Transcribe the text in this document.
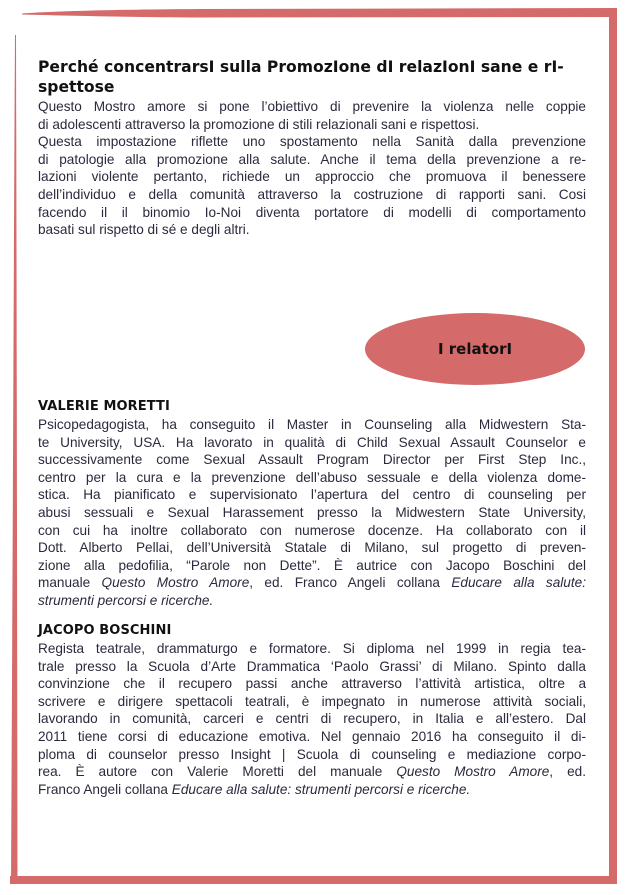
Perché concentrarsI sulla PromozIone dI relazIonI sane e rI-
spettose
Questo Mostro amore si pone l’obiettivo di prevenire la violenza nelle coppie
di adolescenti attraverso la promozione di stili relazionali sani e rispettosi.
Questa impostazione riflette uno spostamento nella Sanità dalla prevenzione
di patologie alla promozione alla salute. Anche il tema della prevenzione a re-
lazioni violente pertanto, richiede un approccio che promuova il benessere
dell’individuo e della comunità attraverso la costruzione di rapporti sani. Cosi
facendo il il binomio Io-Noi diventa portatore di modelli di comportamento
basati sul rispetto di sé e degli altri.
I relatorI
VALERIE MORETTI
Psicopedagogista, ha conseguito il Master in Counseling alla Midwestern Sta-
te University, USA. Ha lavorato in qualità di Child Sexual Assault Counselor e
successivamente come Sexual Assault Program Director per First Step Inc.,
centro per la cura e la prevenzione dell’abuso sessuale e della violenza dome-
stica. Ha pianificato e supervisionato l’apertura del centro di counseling per
abusi sessuali e Sexual Harassement presso la Midwestern State University,
con cui ha inoltre collaborato con numerose docenze. Ha collaborato con il
Dott. Alberto Pellai, dell’Università Statale di Milano, sul progetto di preven-
zione alla pedofilia, “Parole non Dette”. È autrice con Jacopo Boschini del
manuale Questo Mostro Amore, ed. Franco Angeli collana Educare alla salute:
strumenti percorsi e ricerche.
JACOPO BOSCHINI
Regista teatrale, drammaturgo e formatore. Si diploma nel 1999 in regia tea-
trale presso la Scuola d’Arte Drammatica ‘Paolo Grassi’ di Milano. Spinto dalla
convinzione che il recupero passi anche attraverso l’attività artistica, oltre a
scrivere e dirigere spettacoli teatrali, è impegnato in numerose attività sociali,
lavorando in comunità, carceri e centri di recupero, in Italia e all’estero. Dal
2011 tiene corsi di educazione emotiva. Nel gennaio 2016 ha conseguito il di-
ploma di counselor presso Insight | Scuola di counseling e mediazione corpo-
rea. È autore con Valerie Moretti del manuale Questo Mostro Amore, ed.
Franco Angeli collana Educare alla salute: strumenti percorsi e ricerche.
